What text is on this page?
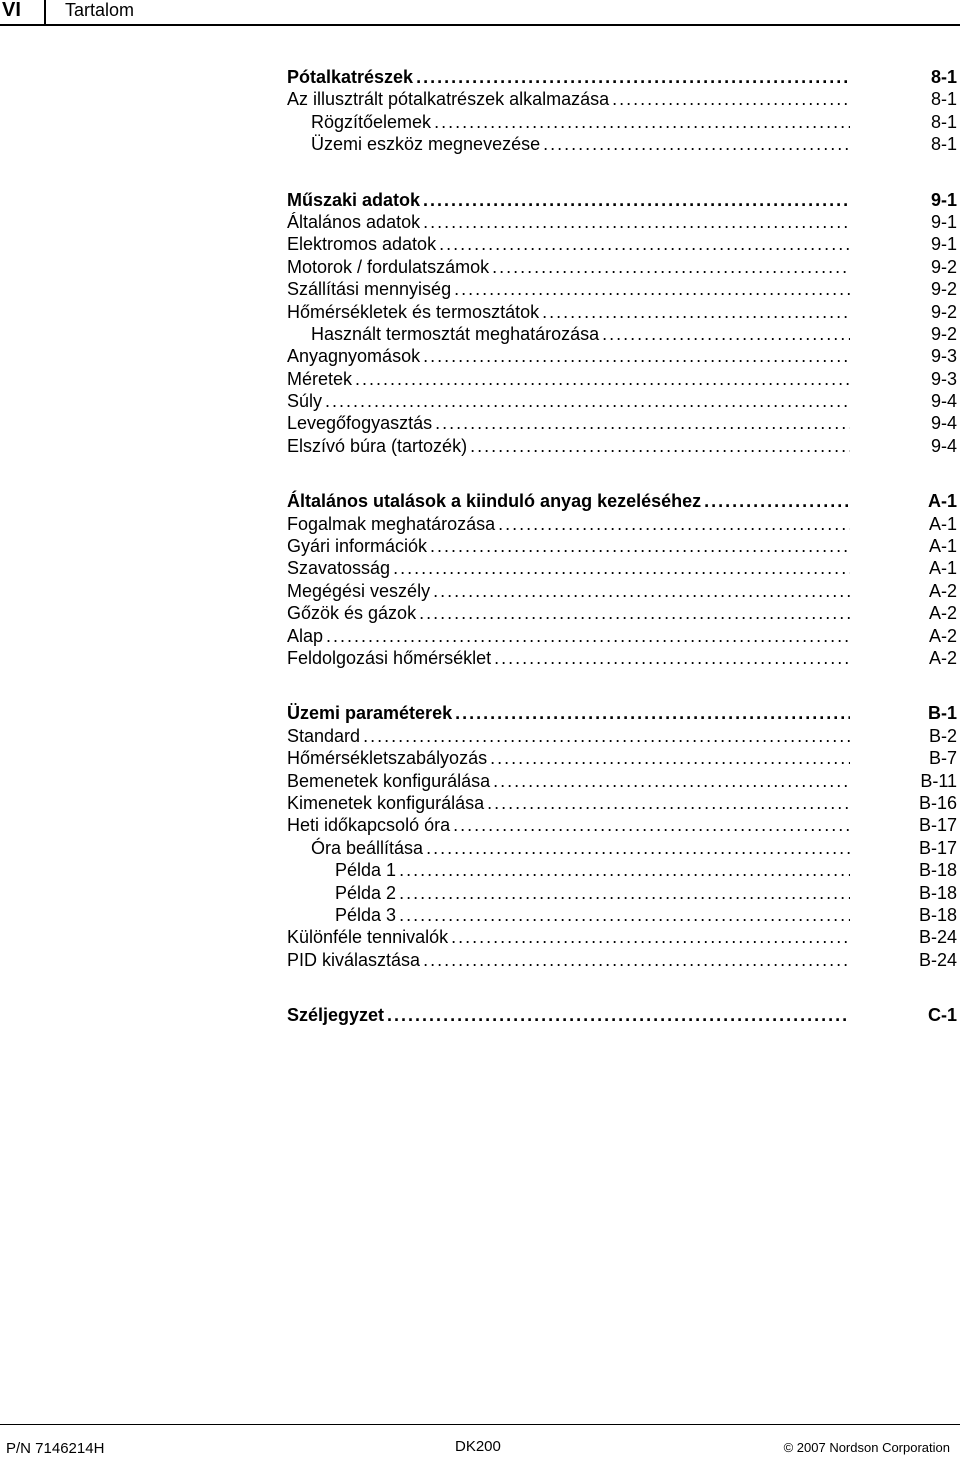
VI Tartalom
Pótalkatrészek . . .	8-1
Az illusztrált pótalkatrészek alkalmazása . . .	8-1
Rögzítőelemek . . .	8-1
Üzemi eszköz megnevezése . . .	8-1
Műszaki adatok . . .	9-1
Általános adatok . . .	9-1
Elektromos adatok . . .	9-1
Motorok / fordulatszámok . . .	9-2
Szállítási mennyiség . . .	9-2
Hőmérsékletek és termosztátok . . .	9-2
Használt termosztát meghatározása . . .	9-2
Anyagnyomások . . .	9-3
Méretek . . .	9-3
Súly . . .	9-4
Levegőfogyasztás . . .	9-4
Elszívó búra (tartozék) . . .	9-4
Általános utalások a kiinduló anyag kezeléséhez . . .	A-1
Fogalmak meghatározása . . .	A-1
Gyári információk . . .	A-1
Szavatosság . . .	A-1
Megégési veszély . . .	A-2
Gőzök és gázok . . .	A-2
Alap . . .	A-2
Feldolgozási hőmérséklet . . .	A-2
Üzemi paraméterek . . .	B-1
Standard . . .	B-2
Hőmérsékletszabályozás . . .	B-7
Bemenetek konfigurálása . . .	B-11
Kimenetek konfigurálása . . .	B-16
Heti időkapcsoló óra . . .	B-17
Óra beállítása . . .	B-17
Példa 1 . . .	B-18
Példa 2 . . .	B-18
Példa 3 . . .	B-18
Különféle tennivalók . . .	B-24
PID kiválasztása . . .	B-24
Széljegyzet . . .	C-1
P/N 7146214H	DK200	© 2007 Nordson Corporation
